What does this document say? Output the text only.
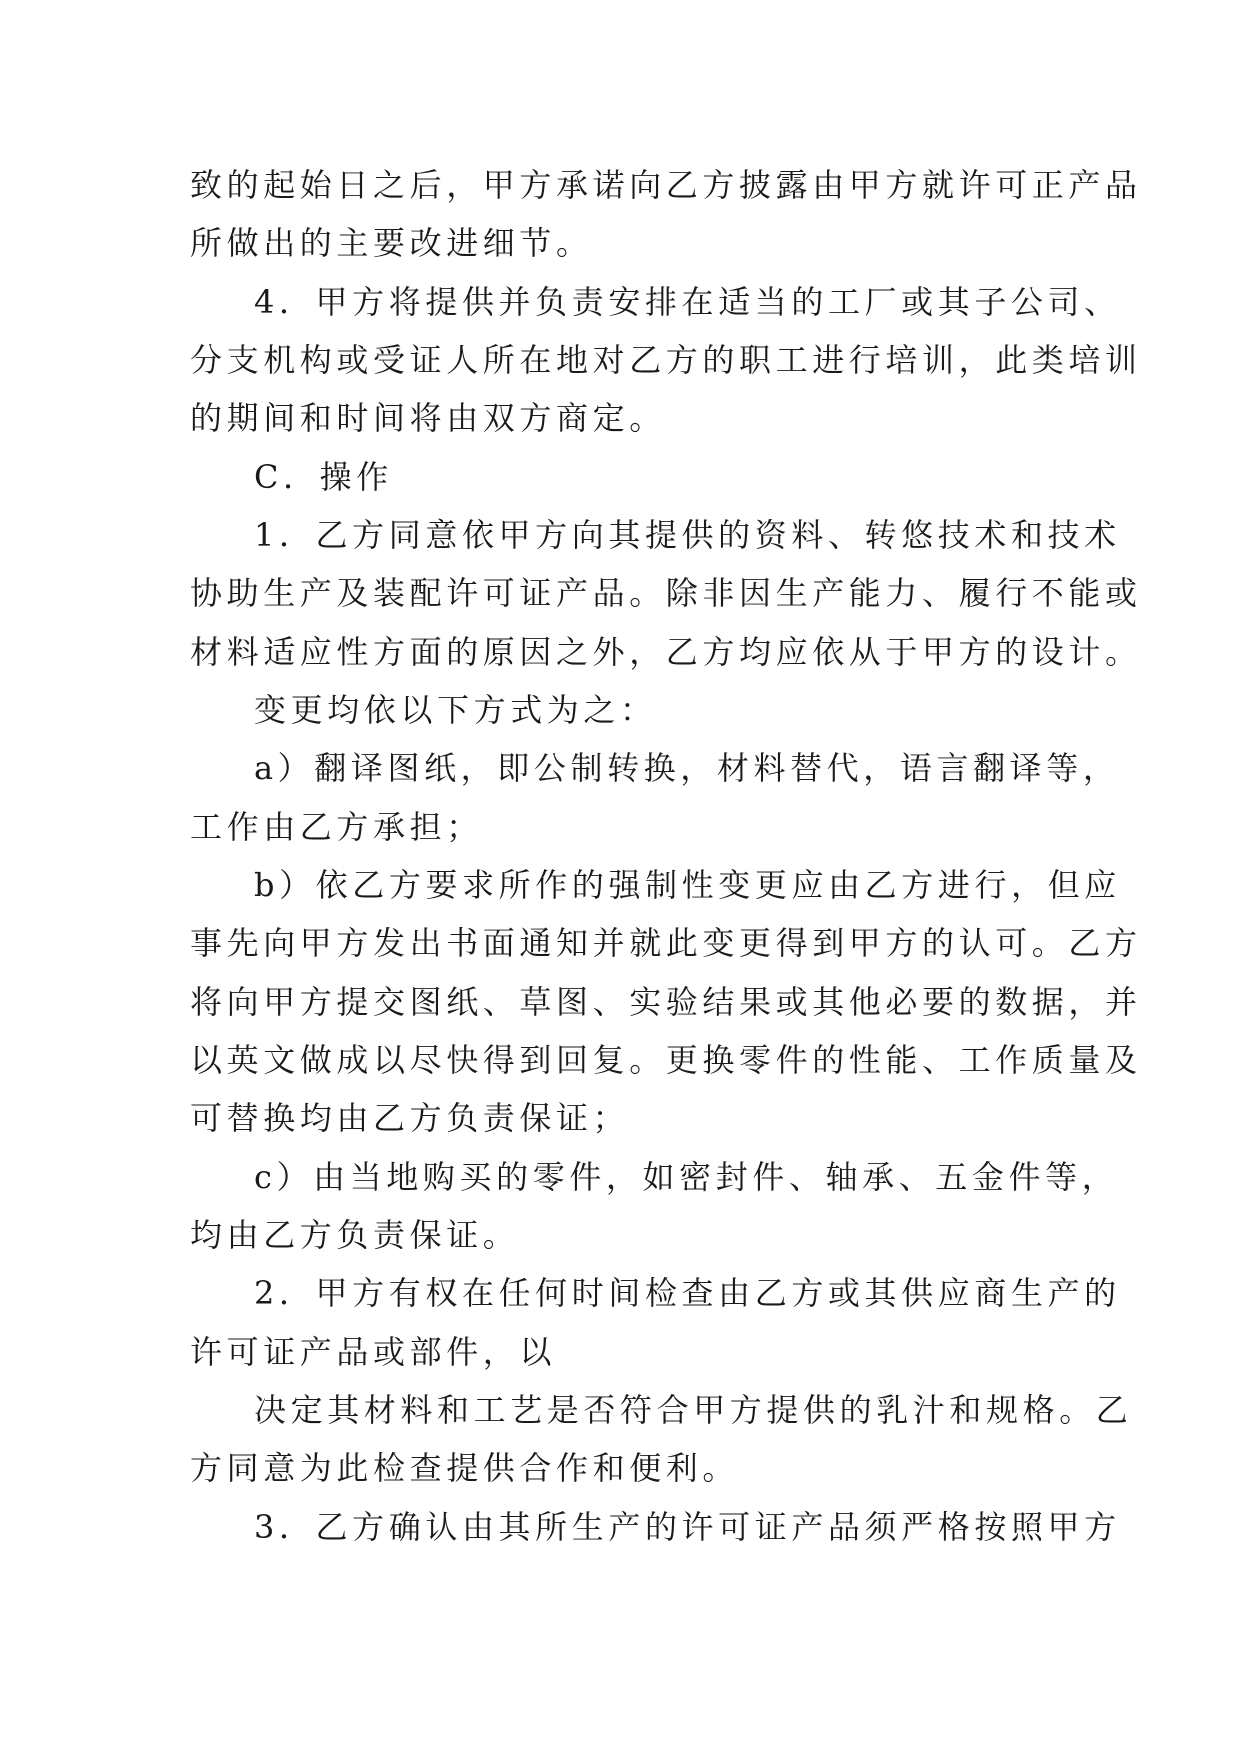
致的起始日之后，甲方承诺向乙方披露由甲方就许可正产品
所做出的主要改进细节。
4．甲方将提供并负责安排在适当的工厂或其子公司、
分支机构或受证人所在地对乙方的职工进行培训，此类培训
的期间和时间将由双方商定。
C．操作
1．乙方同意依甲方向其提供的资料、转悠技术和技术
协助生产及装配许可证产品。除非因生产能力、履行不能或
材料适应性方面的原因之外，乙方均应依从于甲方的设计。
变更均依以下方式为之：
a）翻译图纸，即公制转换，材料替代，语言翻译等，
工作由乙方承担；
b）依乙方要求所作的强制性变更应由乙方进行，但应
事先向甲方发出书面通知并就此变更得到甲方的认可。乙方
将向甲方提交图纸、草图、实验结果或其他必要的数据，并
以英文做成以尽快得到回复。更换零件的性能、工作质量及
可替换均由乙方负责保证；
c）由当地购买的零件，如密封件、轴承、五金件等，
均由乙方负责保证。
2．甲方有权在任何时间检查由乙方或其供应商生产的
许可证产品或部件，以
决定其材料和工艺是否符合甲方提供的乳汁和规格。乙
方同意为此检查提供合作和便利。
3．乙方确认由其所生产的许可证产品须严格按照甲方
